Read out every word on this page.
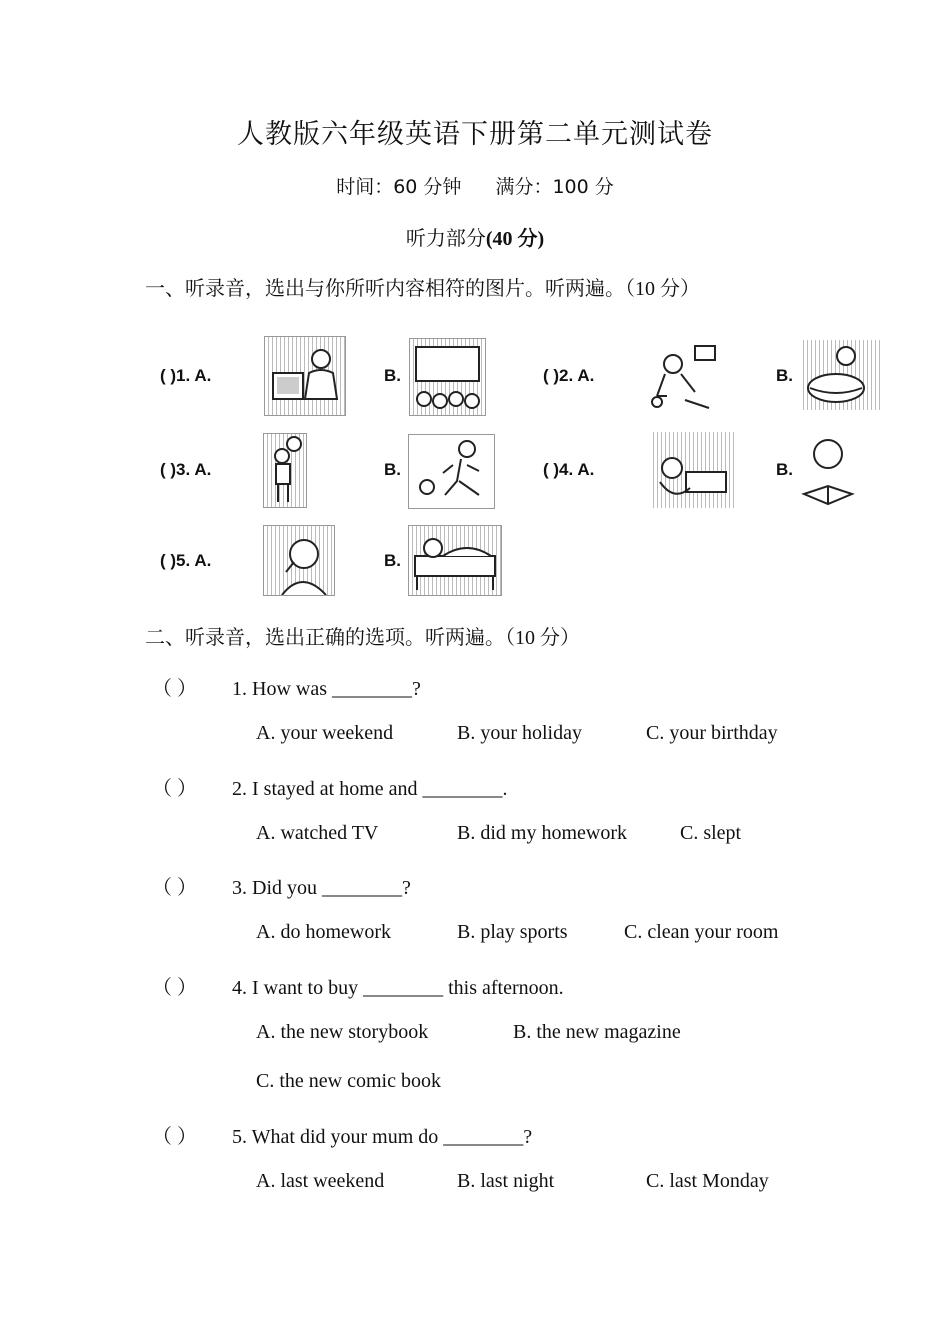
人教版六年级英语下册第二单元测试卷
时间：60 分钟 满分：100 分
听力部分(40 分)
一、听录音，选出与你所听内容相符的图片。听两遍。（10 分）
( )1. A.	B.	( )2. A.	B.
( )3. A.	B.	( )4. A.	B.
( )5. A.	B.
二、听录音，选出正确的选项。听两遍。（10 分）
（ ） 1. How was ________?
A. your weekend	B. your holiday	C. your birthday
（ ） 2. I stayed at home and ________.
A. watched TV	B. did my homework	C. slept
（ ） 3. Did you ________?
A. do homework	B. play sports	C. clean your room
（ ） 4. I want to buy ________ this afternoon.
A. the new storybook	B. the new magazine
C. the new comic book
（ ） 5. What did your mum do ________?
A. last weekend	B. last night	C. last Monday
